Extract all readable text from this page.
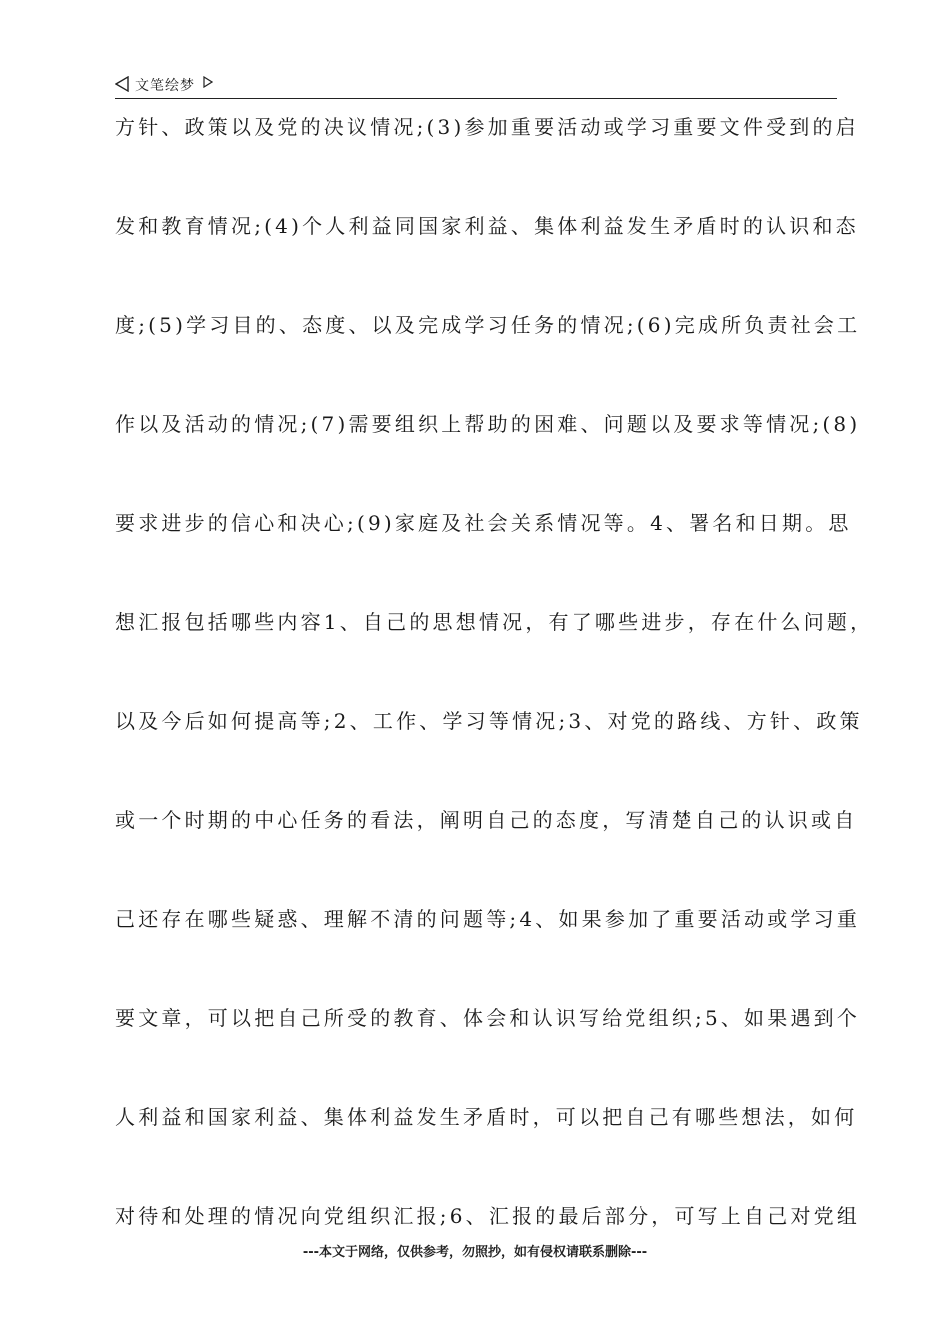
文笔绘梦
方针、政策以及党的决议情况;(3)参加重要活动或学习重要文件受到的启
发和教育情况;(4)个人利益同国家利益、集体利益发生矛盾时的认识和态
度;(5)学习目的、态度、以及完成学习任务的情况;(6)完成所负责社会工
作以及活动的情况;(7)需要组织上帮助的困难、问题以及要求等情况;(8)
要求进步的信心和决心;(9)家庭及社会关系情况等。4、署名和日期。思
想汇报包括哪些内容1、自己的思想情况，有了哪些进步，存在什么问题，
以及今后如何提高等;2、工作、学习等情况;3、对党的路线、方针、政策
或一个时期的中心任务的看法，阐明自己的态度，写清楚自己的认识或自
己还存在哪些疑惑、理解不清的问题等;4、如果参加了重要活动或学习重
要文章，可以把自己所受的教育、体会和认识写给党组织;5、如果遇到个
人利益和国家利益、集体利益发生矛盾时，可以把自己有哪些想法，如何
对待和处理的情况向党组织汇报;6、汇报的最后部分，可写上自己对党组
---本文于网络，仅供参考，勿照抄，如有侵权请联系删除---
